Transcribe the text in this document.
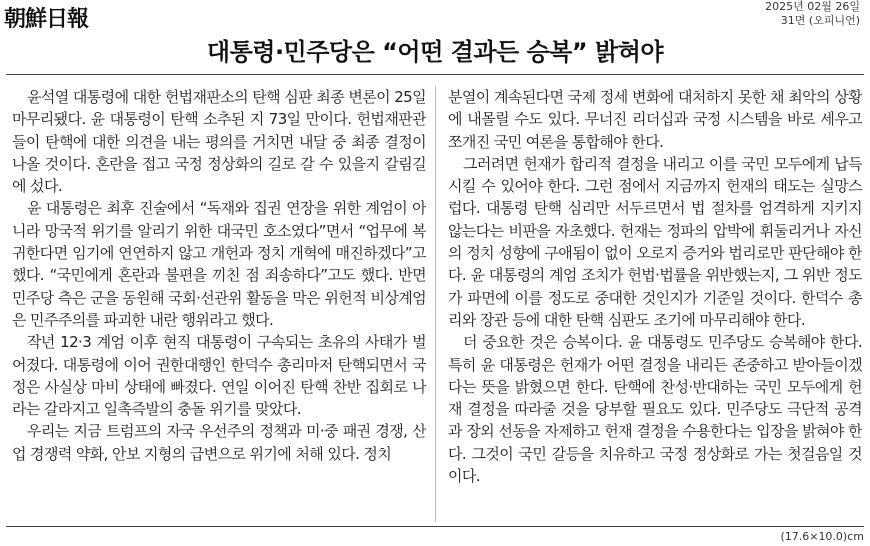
朝鮮日報	2025년 02월 26일
31면 (오피니언)
대통령·민주당은 “어떤 결과든 승복” 밝혀야

윤석열 대통령에 대한 헌법재판소의 탄핵 심판 최종 변론이 25일 마무리됐다. 윤 대통령이 탄핵 소추된 지 73일 만이다. 헌법재판관들이 탄핵에 대한 의견을 내는 평의를 거치면 내달 중 최종 결정이 나올 것이다. 혼란을 접고 국정 정상화의 길로 갈 수 있을지 갈림길에 섰다.

윤 대통령은 최후 진술에서 “독재와 집권 연장을 위한 계엄이 아니라 망국적 위기를 알리기 위한 대국민 호소였다”면서 “업무에 복귀한다면 임기에 연연하지 않고 개헌과 정치 개혁에 매진하겠다”고 했다. “국민에게 혼란과 불편을 끼친 점 죄송하다”고도 했다. 반면 민주당 측은 군을 동원해 국회·선관위 활동을 막은 위헌적 비상계엄은 민주주의를 파괴한 내란 행위라고 했다.

작년 12·3 계엄 이후 현직 대통령이 구속되는 초유의 사태가 벌어졌다. 대통령에 이어 권한대행인 한덕수 총리마저 탄핵되면서 국정은 사실상 마비 상태에 빠졌다. 연일 이어진 탄핵 찬반 집회로 나라는 갈라지고 일촉즉발의 충돌 위기를 맞았다.

우리는 지금 트럼프의 자국 우선주의 정책과 미·중 패권 경쟁, 산업 경쟁력 약화, 안보 지형의 급변으로 위기에 처해 있다. 정치

분열이 계속된다면 국제 정세 변화에 대처하지 못한 채 최악의 상황에 내몰릴 수도 있다. 무너진 리더십과 국정 시스템을 바로 세우고 쪼개진 국민 여론을 통합해야 한다.

그러려면 헌재가 합리적 결정을 내리고 이를 국민 모두에게 납득시킬 수 있어야 한다. 그런 점에서 지금까지 헌재의 태도는 실망스럽다. 대통령 탄핵 심리만 서두르면서 법 절차를 엄격하게 지키지 않는다는 비판을 자초했다. 헌재는 정파의 압박에 휘둘리거나 자신의 정치 성향에 구애됨이 없이 오로지 증거와 법리로만 판단해야 한다. 윤 대통령의 계엄 조치가 헌법·법률을 위반했는지, 그 위반 정도가 파면에 이를 정도로 중대한 것인지가 기준일 것이다. 한덕수 총리와 장관 등에 대한 탄핵 심판도 조기에 마무리해야 한다.

더 중요한 것은 승복이다. 윤 대통령도 민주당도 승복해야 한다. 특히 윤 대통령은 헌재가 어떤 결정을 내리든 존중하고 받아들이겠다는 뜻을 밝혔으면 한다. 탄핵에 찬성·반대하는 국민 모두에게 헌재 결정을 따라줄 것을 당부할 필요도 있다. 민주당도 극단적 공격과 장외 선동을 자제하고 헌재 결정을 수용한다는 입장을 밝혀야 한다. 그것이 국민 갈등을 치유하고 국정 정상화로 가는 첫걸음일 것이다.

(17.6×10.0)cm
